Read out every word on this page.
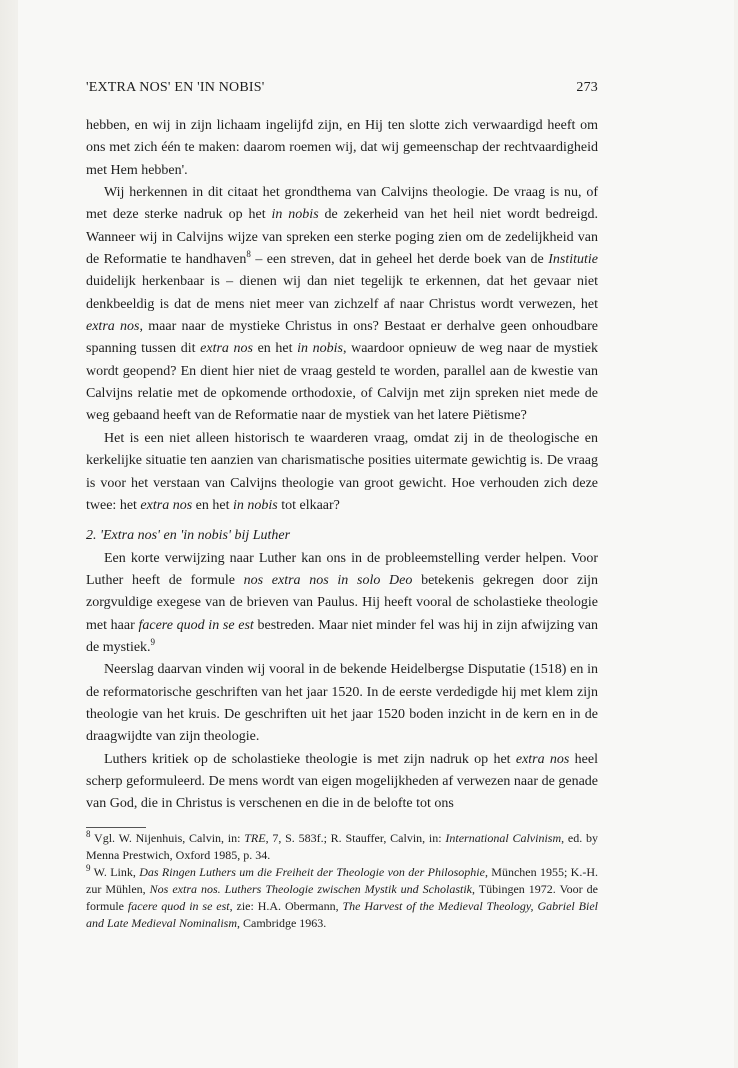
'EXTRA NOS' EN 'IN NOBIS'	273

hebben, en wij in zijn lichaam ingelijfd zijn, en Hij ten slotte zich verwaardigd heeft om ons met zich één te maken: daarom roemen wij, dat wij gemeenschap der rechtvaardigheid met Hem hebben'.

Wij herkennen in dit citaat het grondthema van Calvijns theologie. De vraag is nu, of met deze sterke nadruk op het in nobis de zekerheid van het heil niet wordt bedreigd. Wanneer wij in Calvijns wijze van spreken een sterke poging zien om de zedelijkheid van de Reformatie te handhaven$^8$ – een streven, dat in geheel het derde boek van de Institutie duidelijk herkenbaar is – dienen wij dan niet tegelijk te erkennen, dat het gevaar niet denkbeeldig is dat de mens niet meer van zichzelf af naar Christus wordt verwezen, het extra nos, maar naar de mystieke Christus in ons? Bestaat er derhalve geen onhoudbare spanning tussen dit extra nos en het in nobis, waardoor opnieuw de weg naar de mystiek wordt geopend? En dient hier niet de vraag gesteld te worden, parallel aan de kwestie van Calvijns relatie met de opkomende orthodoxie, of Calvijn met zijn spreken niet mede de weg gebaand heeft van de Reformatie naar de mystiek van het latere Piëtisme?

Het is een niet alleen historisch te waarderen vraag, omdat zij in de theologische en kerkelijke situatie ten aanzien van charismatische posities uitermate gewichtig is. De vraag is voor het verstaan van Calvijns theologie van groot gewicht. Hoe verhouden zich deze twee: het extra nos en het in nobis tot elkaar?

2. 'Extra nos' en 'in nobis' bij Luther

Een korte verwijzing naar Luther kan ons in de probleemstelling verder helpen. Voor Luther heeft de formule nos extra nos in solo Deo betekenis gekregen door zijn zorgvuldige exegese van de brieven van Paulus. Hij heeft vooral de scholastieke theologie met haar facere quod in se est bestreden. Maar niet minder fel was hij in zijn afwijzing van de mystiek.$^9$

Neerslag daarvan vinden wij vooral in de bekende Heidelbergse Disputatie (1518) en in de reformatorische geschriften van het jaar 1520. In de eerste verdedigde hij met klem zijn theologie van het kruis. De geschriften uit het jaar 1520 boden inzicht in de kern en in de draagwijdte van zijn theologie.

Luthers kritiek op de scholastieke theologie is met zijn nadruk op het extra nos heel scherp geformuleerd. De mens wordt van eigen mogelijkheden af verwezen naar de genade van God, die in Christus is verschenen en die in de belofte tot ons

$^8$ Vgl. W. Nijenhuis, Calvin, in: TRE, 7, S. 583f.; R. Stauffer, Calvin, in: International Calvinism, ed. by Menna Prestwich, Oxford 1985, p. 34.

$^9$ W. Link, Das Ringen Luthers um die Freiheit der Theologie von der Philosophie, München 1955; K.-H. zur Mühlen, Nos extra nos. Luthers Theologie zwischen Mystik und Scholastik, Tübingen 1972. Voor de formule facere quod in se est, zie: H.A. Obermann, The Harvest of the Medieval Theology, Gabriel Biel and Late Medieval Nominalism, Cambridge 1963.
